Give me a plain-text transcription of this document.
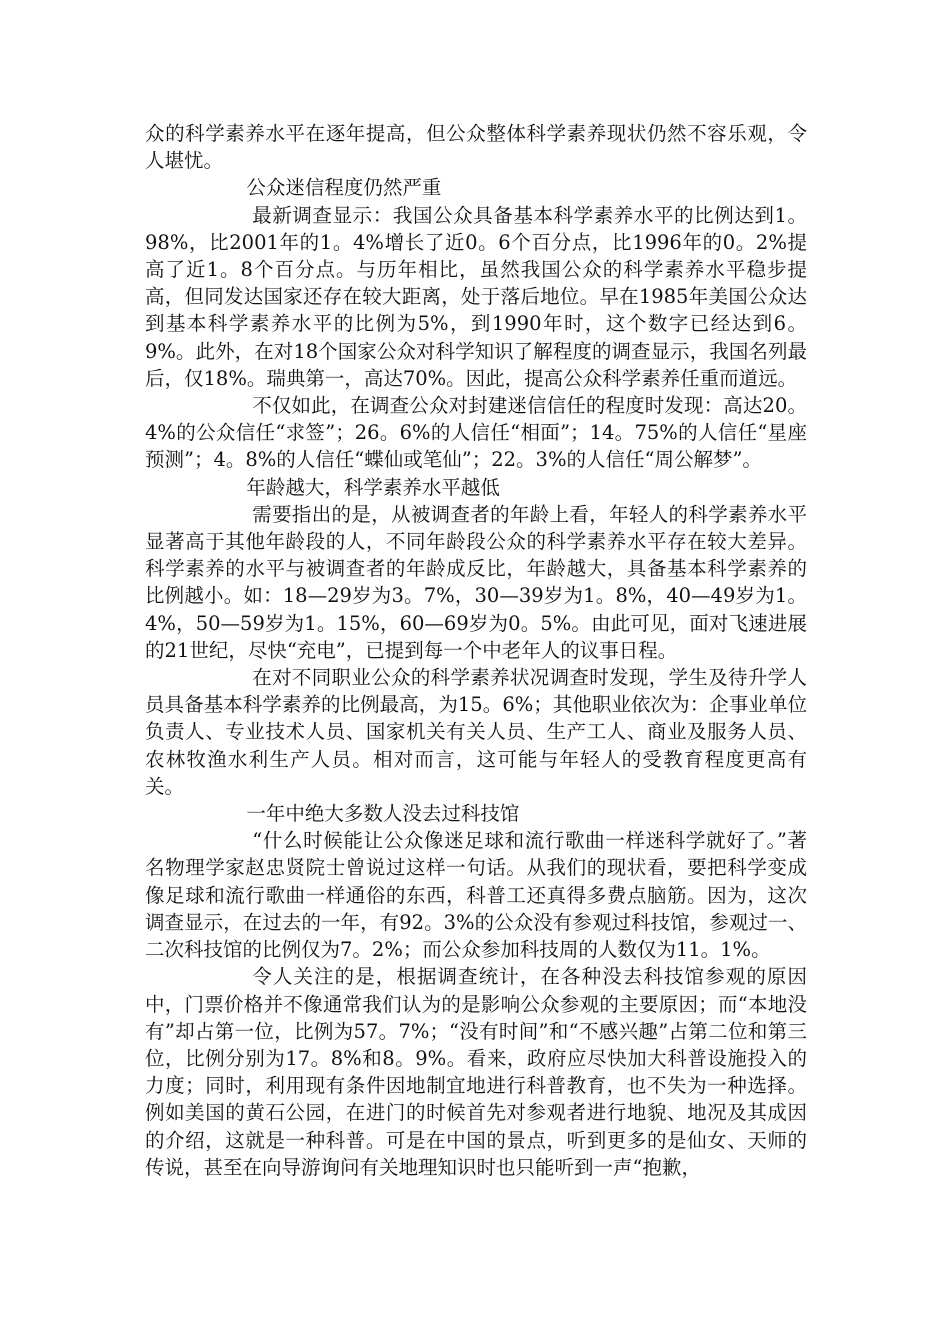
众的科学素养水平在逐年提高，但公众整体科学素养现状仍然不容乐观，令人堪忧。

公众迷信程度仍然严重

最新调查显示：我国公众具备基本科学素养水平的比例达到1。98%，比2001年的1。4%增长了近0。6个百分点，比1996年的0。2%提高了近1。8个百分点。与历年相比，虽然我国公众的科学素养水平稳步提高，但同发达国家还存在较大距离，处于落后地位。早在1985年美国公众达到基本科学素养水平的比例为5%，到1990年时，这个数字已经达到6。9%。此外，在对18个国家公众对科学知识了解程度的调查显示，我国名列最后，仅18%。瑞典第一，高达70%。因此，提高公众科学素养任重而道远。

不仅如此，在调查公众对封建迷信信任的程度时发现：高达20。4%的公众信任“求签”；26。6%的人信任“相面”；14。75%的人信任“星座预测”；4。8%的人信任“蝶仙或笔仙”；22。3%的人信任“周公解梦”。

年龄越大，科学素养水平越低

需要指出的是，从被调查者的年龄上看，年轻人的科学素养水平显著高于其他年龄段的人，不同年龄段公众的科学素养水平存在较大差异。科学素养的水平与被调查者的年龄成反比，年龄越大，具备基本科学素养的比例越小。如：18—29岁为3。7%，30—39岁为1。8%，40—49岁为1。4%，50—59岁为1。15%，60—69岁为0。5%。由此可见，面对飞速进展的21世纪，尽快“充电”，已提到每一个中老年人的议事日程。

在对不同职业公众的科学素养状况调查时发现，学生及待升学人员具备基本科学素养的比例最高，为15。6%；其他职业依次为：企事业单位负责人、专业技术人员、国家机关有关人员、生产工人、商业及服务人员、农林牧渔水利生产人员。相对而言，这可能与年轻人的受教育程度更高有关。

一年中绝大多数人没去过科技馆

“什么时候能让公众像迷足球和流行歌曲一样迷科学就好了。”著名物理学家赵忠贤院士曾说过这样一句话。从我们的现状看，要把科学变成像足球和流行歌曲一样通俗的东西，科普工还真得多费点脑筋。因为，这次调查显示，在过去的一年，有92。3%的公众没有参观过科技馆，参观过一、二次科技馆的比例仅为7。2%；而公众参加科技周的人数仅为11。1%。

令人关注的是，根据调查统计，在各种没去科技馆参观的原因中，门票价格并不像通常我们认为的是影响公众参观的主要原因；而“本地没有”却占第一位，比例为57。7%；“没有时间”和“不感兴趣”占第二位和第三位，比例分别为17。8%和8。9%。看来，政府应尽快加大科普设施投入的力度；同时，利用现有条件因地制宜地进行科普教育，也不失为一种选择。例如美国的黄石公园，在进门的时候首先对参观者进行地貌、地况及其成因的介绍，这就是一种科普。可是在中国的景点，听到更多的是仙女、天师的传说，甚至在向导游询问有关地理知识时也只能听到一声“抱歉，
